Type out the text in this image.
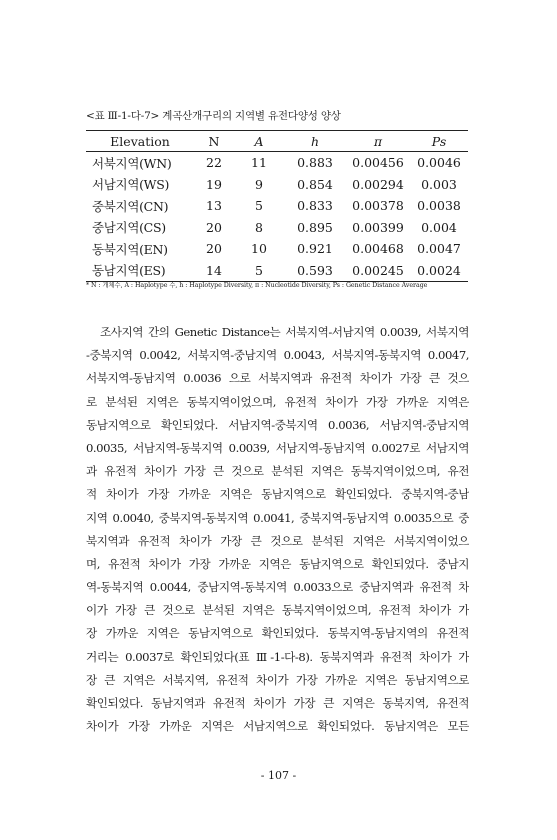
<표 Ⅲ-1-다-7> 계곡산개구리의 지역별 유전다양성 양상
Elevation	N	A	h	π	Ps
서북지역(WN)	22	11	0.883	0.00456	0.0046
서남지역(WS)	19	9	0.854	0.00294	0.003
중북지역(CN)	13	5	0.833	0.00378	0.0038
중남지역(CS)	20	8	0.895	0.00399	0.004
동북지역(EN)	20	10	0.921	0.00468	0.0047
동남지역(ES)	14	5	0.593	0.00245	0.0024
* N : 개체수, A : Haplotype 수, h : Haplotype Diversity, π : Nucleotide Diversity, Ps : Genetic Distance Average
조사지역 간의 Genetic Distance는 서북지역-서남지역 0.0039, 서북지역
-중북지역 0.0042, 서북지역-중남지역 0.0043, 서북지역-동북지역 0.0047,
서북지역-동남지역 0.0036 으로 서북지역과 유전적 차이가 가장 큰 것으
로 분석된 지역은 동북지역이었으며, 유전적 차이가 가장 가까운 지역은
동남지역으로 확인되었다. 서남지역-중북지역 0.0036, 서남지역-중남지역
0.0035, 서남지역-동북지역 0.0039, 서남지역-동남지역 0.0027로 서남지역
과 유전적 차이가 가장 큰 것으로 분석된 지역은 동북지역이었으며, 유전
적 차이가 가장 가까운 지역은 동남지역으로 확인되었다. 중북지역-중남
지역 0.0040, 중북지역-동북지역 0.0041, 중북지역-동남지역 0.0035으로 중
북지역과 유전적 차이가 가장 큰 것으로 분석된 지역은 서북지역이었으
며, 유전적 차이가 가장 가까운 지역은 동남지역으로 확인되었다. 중남지
역-동북지역 0.0044, 중남지역-동북지역 0.0033으로 중남지역과 유전적 차
이가 가장 큰 것으로 분석된 지역은 동북지역이었으며, 유전적 차이가 가
장 가까운 지역은 동남지역으로 확인되었다. 동북지역-동남지역의 유전적
거리는 0.0037로 확인되었다(표 Ⅲ-1-다-8). 동북지역과 유전적 차이가 가
장 큰 지역은 서북지역, 유전적 차이가 가장 가까운 지역은 동남지역으로
확인되었다. 동남지역과 유전적 차이가 가장 큰 지역은 동북지역, 유전적
차이가 가장 가까운 지역은 서남지역으로 확인되었다. 동남지역은 모든
- 107 -
